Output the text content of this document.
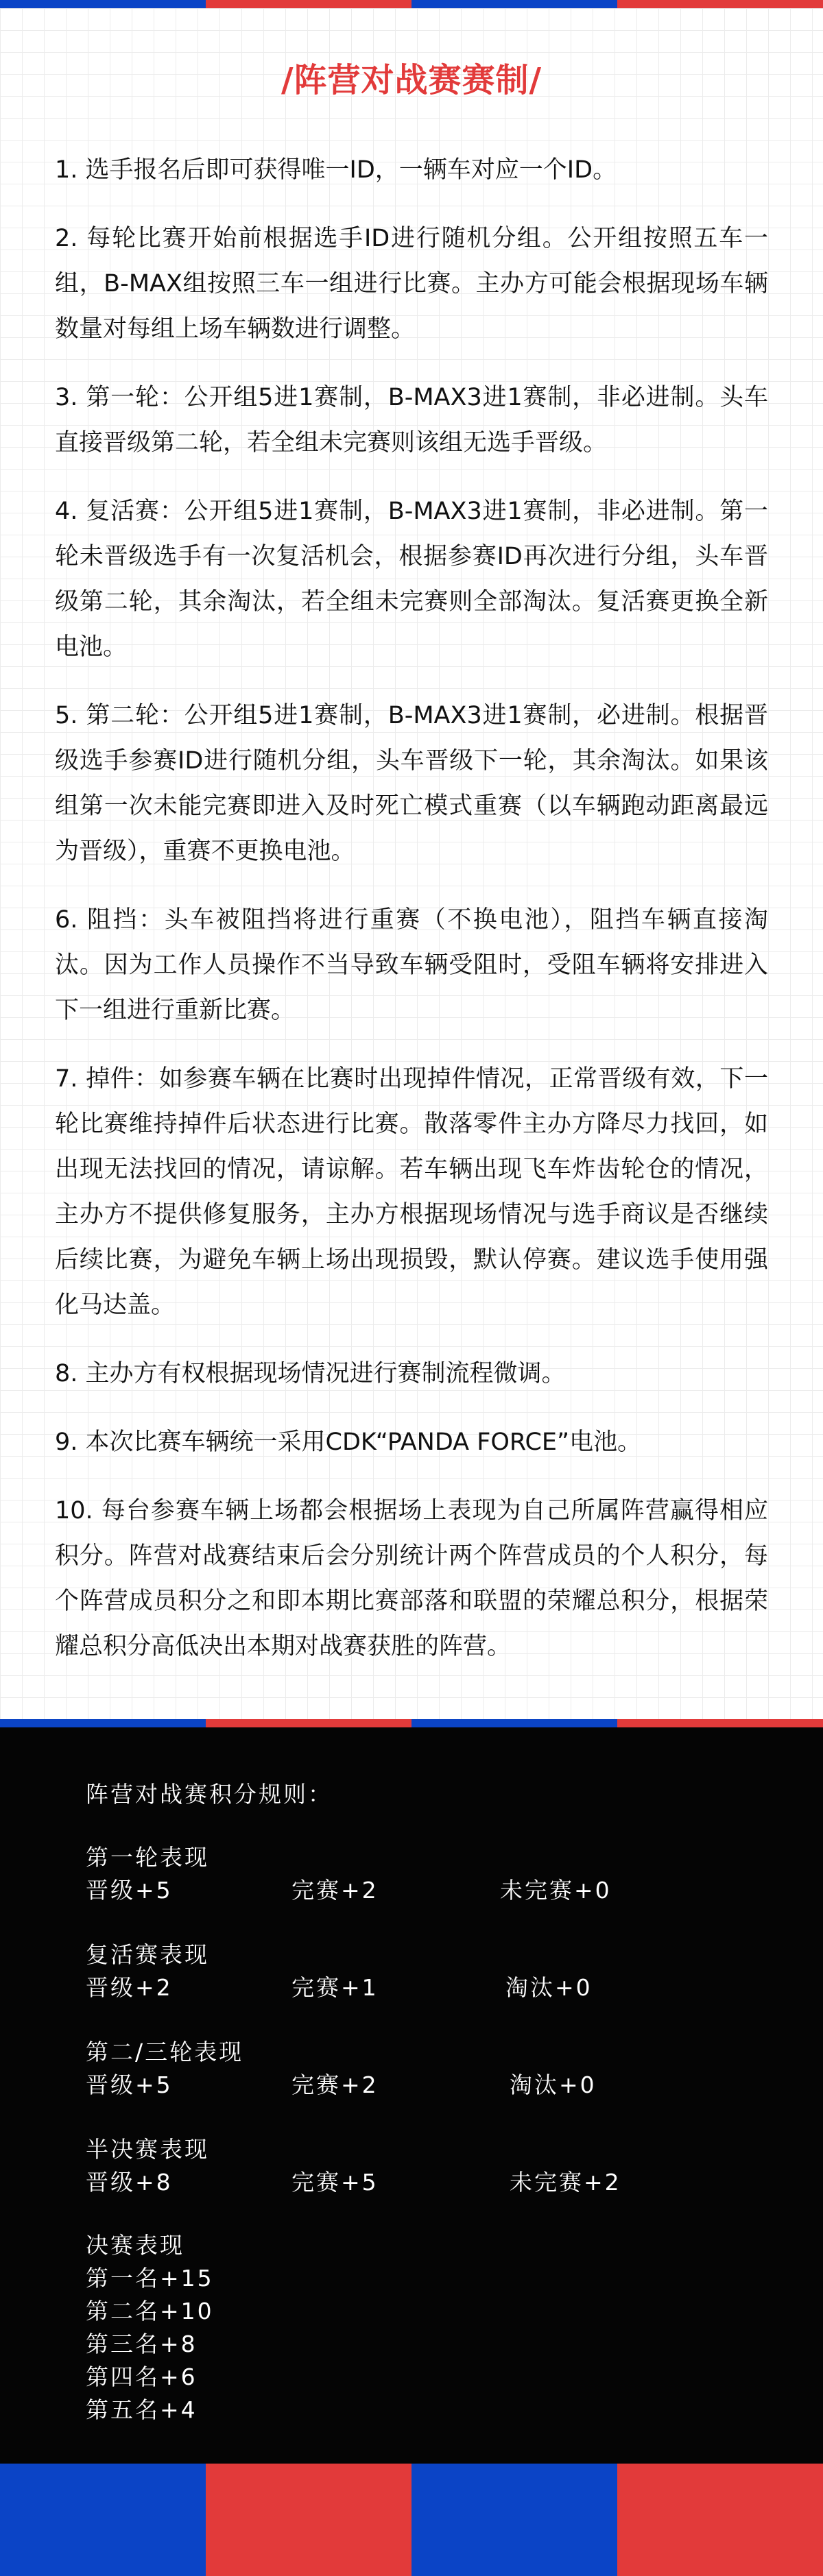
/阵营对战赛赛制/

1. 选手报名后即可获得唯一ID，一辆车对应一个ID。

2. 每轮比赛开始前根据选手ID进行随机分组。公开组按照五车一组，B-MAX组按照三车一组进行比赛。主办方可能会根据现场车辆数量对每组上场车辆数进行调整。

3. 第一轮：公开组5进1赛制，B-MAX3进1赛制，非必进制。头车直接晋级第二轮，若全组未完赛则该组无选手晋级。

4. 复活赛：公开组5进1赛制，B-MAX3进1赛制，非必进制。第一轮未晋级选手有一次复活机会，根据参赛ID再次进行分组，头车晋级第二轮，其余淘汰，若全组未完赛则全部淘汰。复活赛更换全新电池。

5. 第二轮：公开组5进1赛制，B-MAX3进1赛制，必进制。根据晋级选手参赛ID进行随机分组，头车晋级下一轮，其余淘汰。如果该组第一次未能完赛即进入及时死亡模式重赛（以车辆跑动距离最远为晋级），重赛不更换电池。

6. 阻挡：头车被阻挡将进行重赛（不换电池），阻挡车辆直接淘汰。因为工作人员操作不当导致车辆受阻时，受阻车辆将安排进入下一组进行重新比赛。

7. 掉件：如参赛车辆在比赛时出现掉件情况，正常晋级有效，下一轮比赛维持掉件后状态进行比赛。散落零件主办方降尽力找回，如出现无法找回的情况，请谅解。若车辆出现飞车炸齿轮仓的情况，主办方不提供修复服务，主办方根据现场情况与选手商议是否继续后续比赛，为避免车辆上场出现损毁，默认停赛。建议选手使用强化马达盖。

8. 主办方有权根据现场情况进行赛制流程微调。

9. 本次比赛车辆统一采用CDK“PANDA FORCE”电池。

10. 每台参赛车辆上场都会根据场上表现为自己所属阵营赢得相应积分。阵营对战赛结束后会分别统计两个阵营成员的个人积分，每个阵营成员积分之和即本期比赛部落和联盟的荣耀总积分，根据荣耀总积分高低决出本期对战赛获胜的阵营。

阵营对战赛积分规则：
第一轮表现
晋级+5	完赛+2	未完赛+0
复活赛表现
晋级+2	完赛+1	淘汰+0
第二/三轮表现
晋级+5	完赛+2	淘汰+0
半决赛表现
晋级+8	完赛+5	未完赛+2
决赛表现
第一名+15
第二名+10
第三名+8
第四名+6
第五名+4
